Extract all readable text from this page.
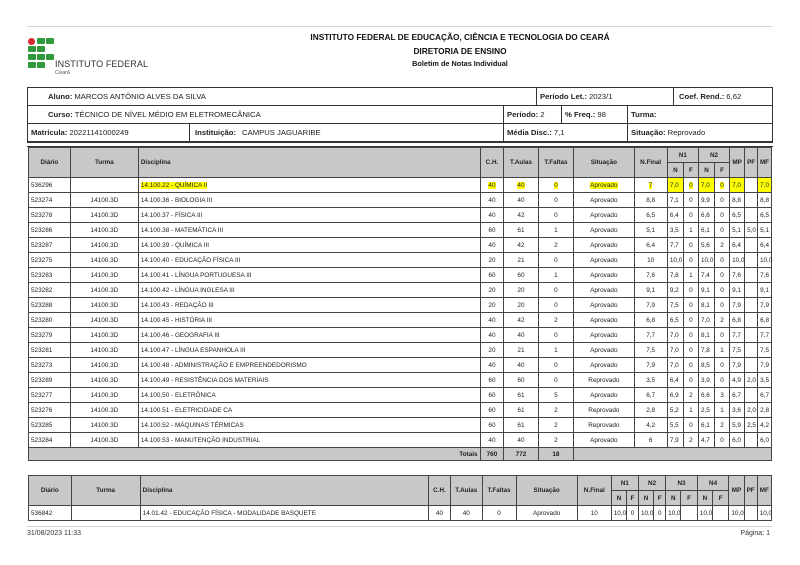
INSTITUTO FEDERAL
Ceará
INSTITUTO FEDERAL DE EDUCAÇÃO, CIÊNCIA E TECNOLOGIA DO CEARÁ
DIRETORIA DE ENSINO
Boletim de Notas Individual
Aluno: MARCOS ANTÔNIO ALVES DA SILVA	Período Let.: 2023/1	Coef. Rend.: 6,62
Curso: TÉCNICO DE NÍVEL MÉDIO EM ELETROMECÂNICA	Período: 2	% Freq.: 98	Turma:
Matrícula: 20221141000249	Instituição: CAMPUS JAGUARIBE	Média Disc.: 7,1	Situação: Reprovado
Diário	Turma	Disciplina	C.H.	T.Aulas	T.Faltas	Situação	N.Final	N1		N2		MP	PF	MF
								N	F	N	F			
536296		14.100.22 - QUÍMICA II	40	40	0	Aprovado	7	7,0	0	7,0	0	7,0		7,0
523274	14100.3D	14.100.36 - BIOLOGIA III	40	40	0	Aprovado	8,8	7,1	0	9,9	0	8,8		8,8
523278	14100.3D	14.100.37 - FÍSICA III	40	42	0	Aprovado	6,5	6,4	0	6,6	0	6,5		6,5
523286	14100.3D	14.100.38 - MATEMÁTICA III	60	61	1	Aprovado	5,1	3,5	1	6,1	0	5,1	5,0	5,1
523287	14100.3D	14.100.39 - QUÍMICA III	40	42	2	Aprovado	6,4	7,7	0	5,6	2	6,4		6,4
523275	14100.3D	14.100.40 - EDUCAÇÃO FÍSICA III	20	21	0	Aprovado	10	10,0	0	10,0	0	10,0		10,0
523283	14100.3D	14.100.41 - LÍNGUA PORTUGUESA III	60	60	1	Aprovado	7,6	7,8	1	7,4	0	7,6		7,6
523282	14100.3D	14.100.42 - LÍNGUA INGLESA III	20	20	0	Aprovado	9,1	9,2	0	9,1	0	9,1		9,1
523288	14100.3D	14.100.43 - REDAÇÃO III	20	20	0	Aprovado	7,9	7,5	0	8,1	0	7,9		7,9
523280	14100.3D	14.100.45 - HISTÓRIA III	40	42	2	Aprovado	6,8	6,5	0	7,0	2	6,8		6,8
523279	14100.3D	14.100.46 - GEOGRAFIA III	40	40	0	Aprovado	7,7	7,0	0	8,1	0	7,7		7,7
523281	14100.3D	14.100.47 - LÍNGUA ESPANHOLA III	20	21	1	Aprovado	7,5	7,0	0	7,8	1	7,5		7,5
523273	14100.3D	14.100.48 - ADMINISTRAÇÃO E EMPREENDEDORISMO	40	40	0	Aprovado	7,9	7,0	0	8,5	0	7,9		7,9
523289	14100.3D	14.100.49 - RESISTÊNCIA DOS MATERIAIS	60	60	0	Reprovado	3,5	6,4	0	3,9	0	4,9	2,0	3,5
523277	14100.3D	14.100.50 - ELETRÔNICA	60	61	5	Aprovado	6,7	6,9	2	6,6	3	6,7		6,7
523276	14100.3D	14.100.51 - ELETRICIDADE CA	60	61	2	Reprovado	2,8	5,2	1	2,5	1	3,6	2,0	2,8
523285	14100.3D	14.100.52 - MÁQUINAS TÉRMICAS	60	61	2	Reprovado	4,2	5,5	0	6,1	2	5,9	2,5	4,2
523284	14100.3D	14.100.53 - MANUTENÇÃO INDUSTRIAL	40	40	2	Aprovado	6	7,9	2	4,7	0	6,0		6,0
Totais			760	772	18									
Diário	Turma	Disciplina	C.H.	T.Aulas	T.Faltas	Situação	N.Final	N1		N2		N3		N4		MP	PF	MF
								N	F	N	F	N	F	N	F			
536842		14.01.42 - EDUCAÇÃO FÍSICA - MODALIDADE BASQUETE	40	40	0	Aprovado	10	10,0	0	10,0	0	10,0		10,0		10,0		10,0
31/08/2023 11:33	Página: 1
